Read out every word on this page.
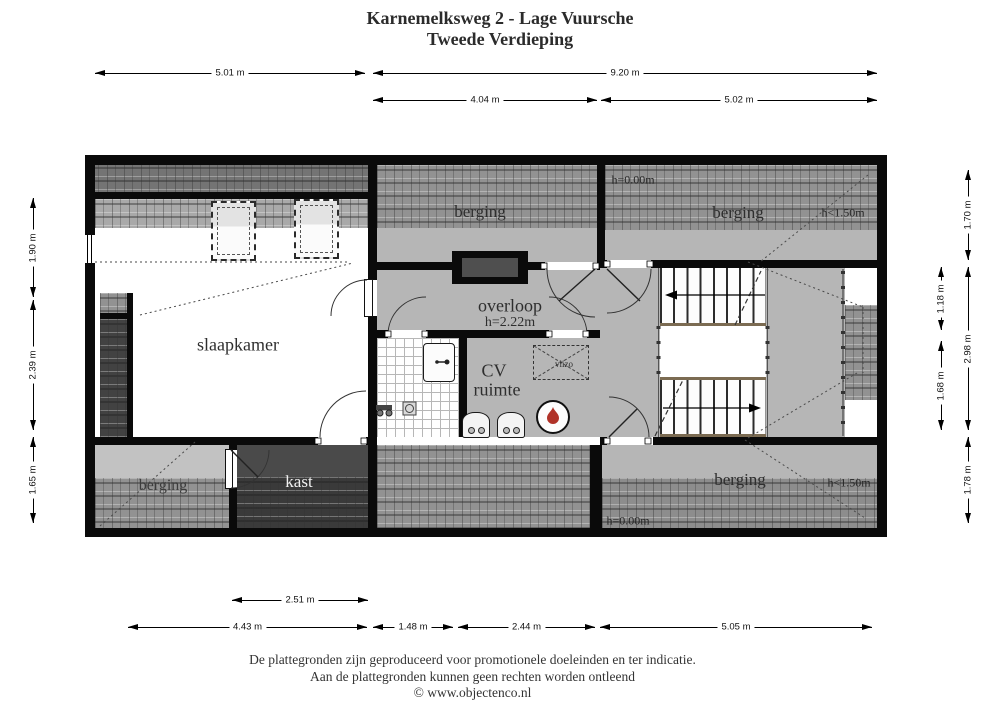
Karnemelksweg 2 - Lage Vuursche
Tweede Verdieping
5.01 m	9.20 m
4.04 m	5.02 m
1.90 m
2.39 m
1.65 m
1.18 m
1.68 m
1.70 m
2.98 m
1.78 m
2.51 m
4.43 m	1.48 m	2.44 m	5.05 m
berging
h=0.00m
berging	h<1.50m
slaapkamer
overloop
h=2.22m
CV
ruimte
vlizo
kast
berging	berging	h<1.50m
h=0.00m
De plattegronden zijn geproduceerd voor promotionele doeleinden en ter indicatie.
Aan de plattegronden kunnen geen rechten worden ontleend
© www.objectenco.nl
